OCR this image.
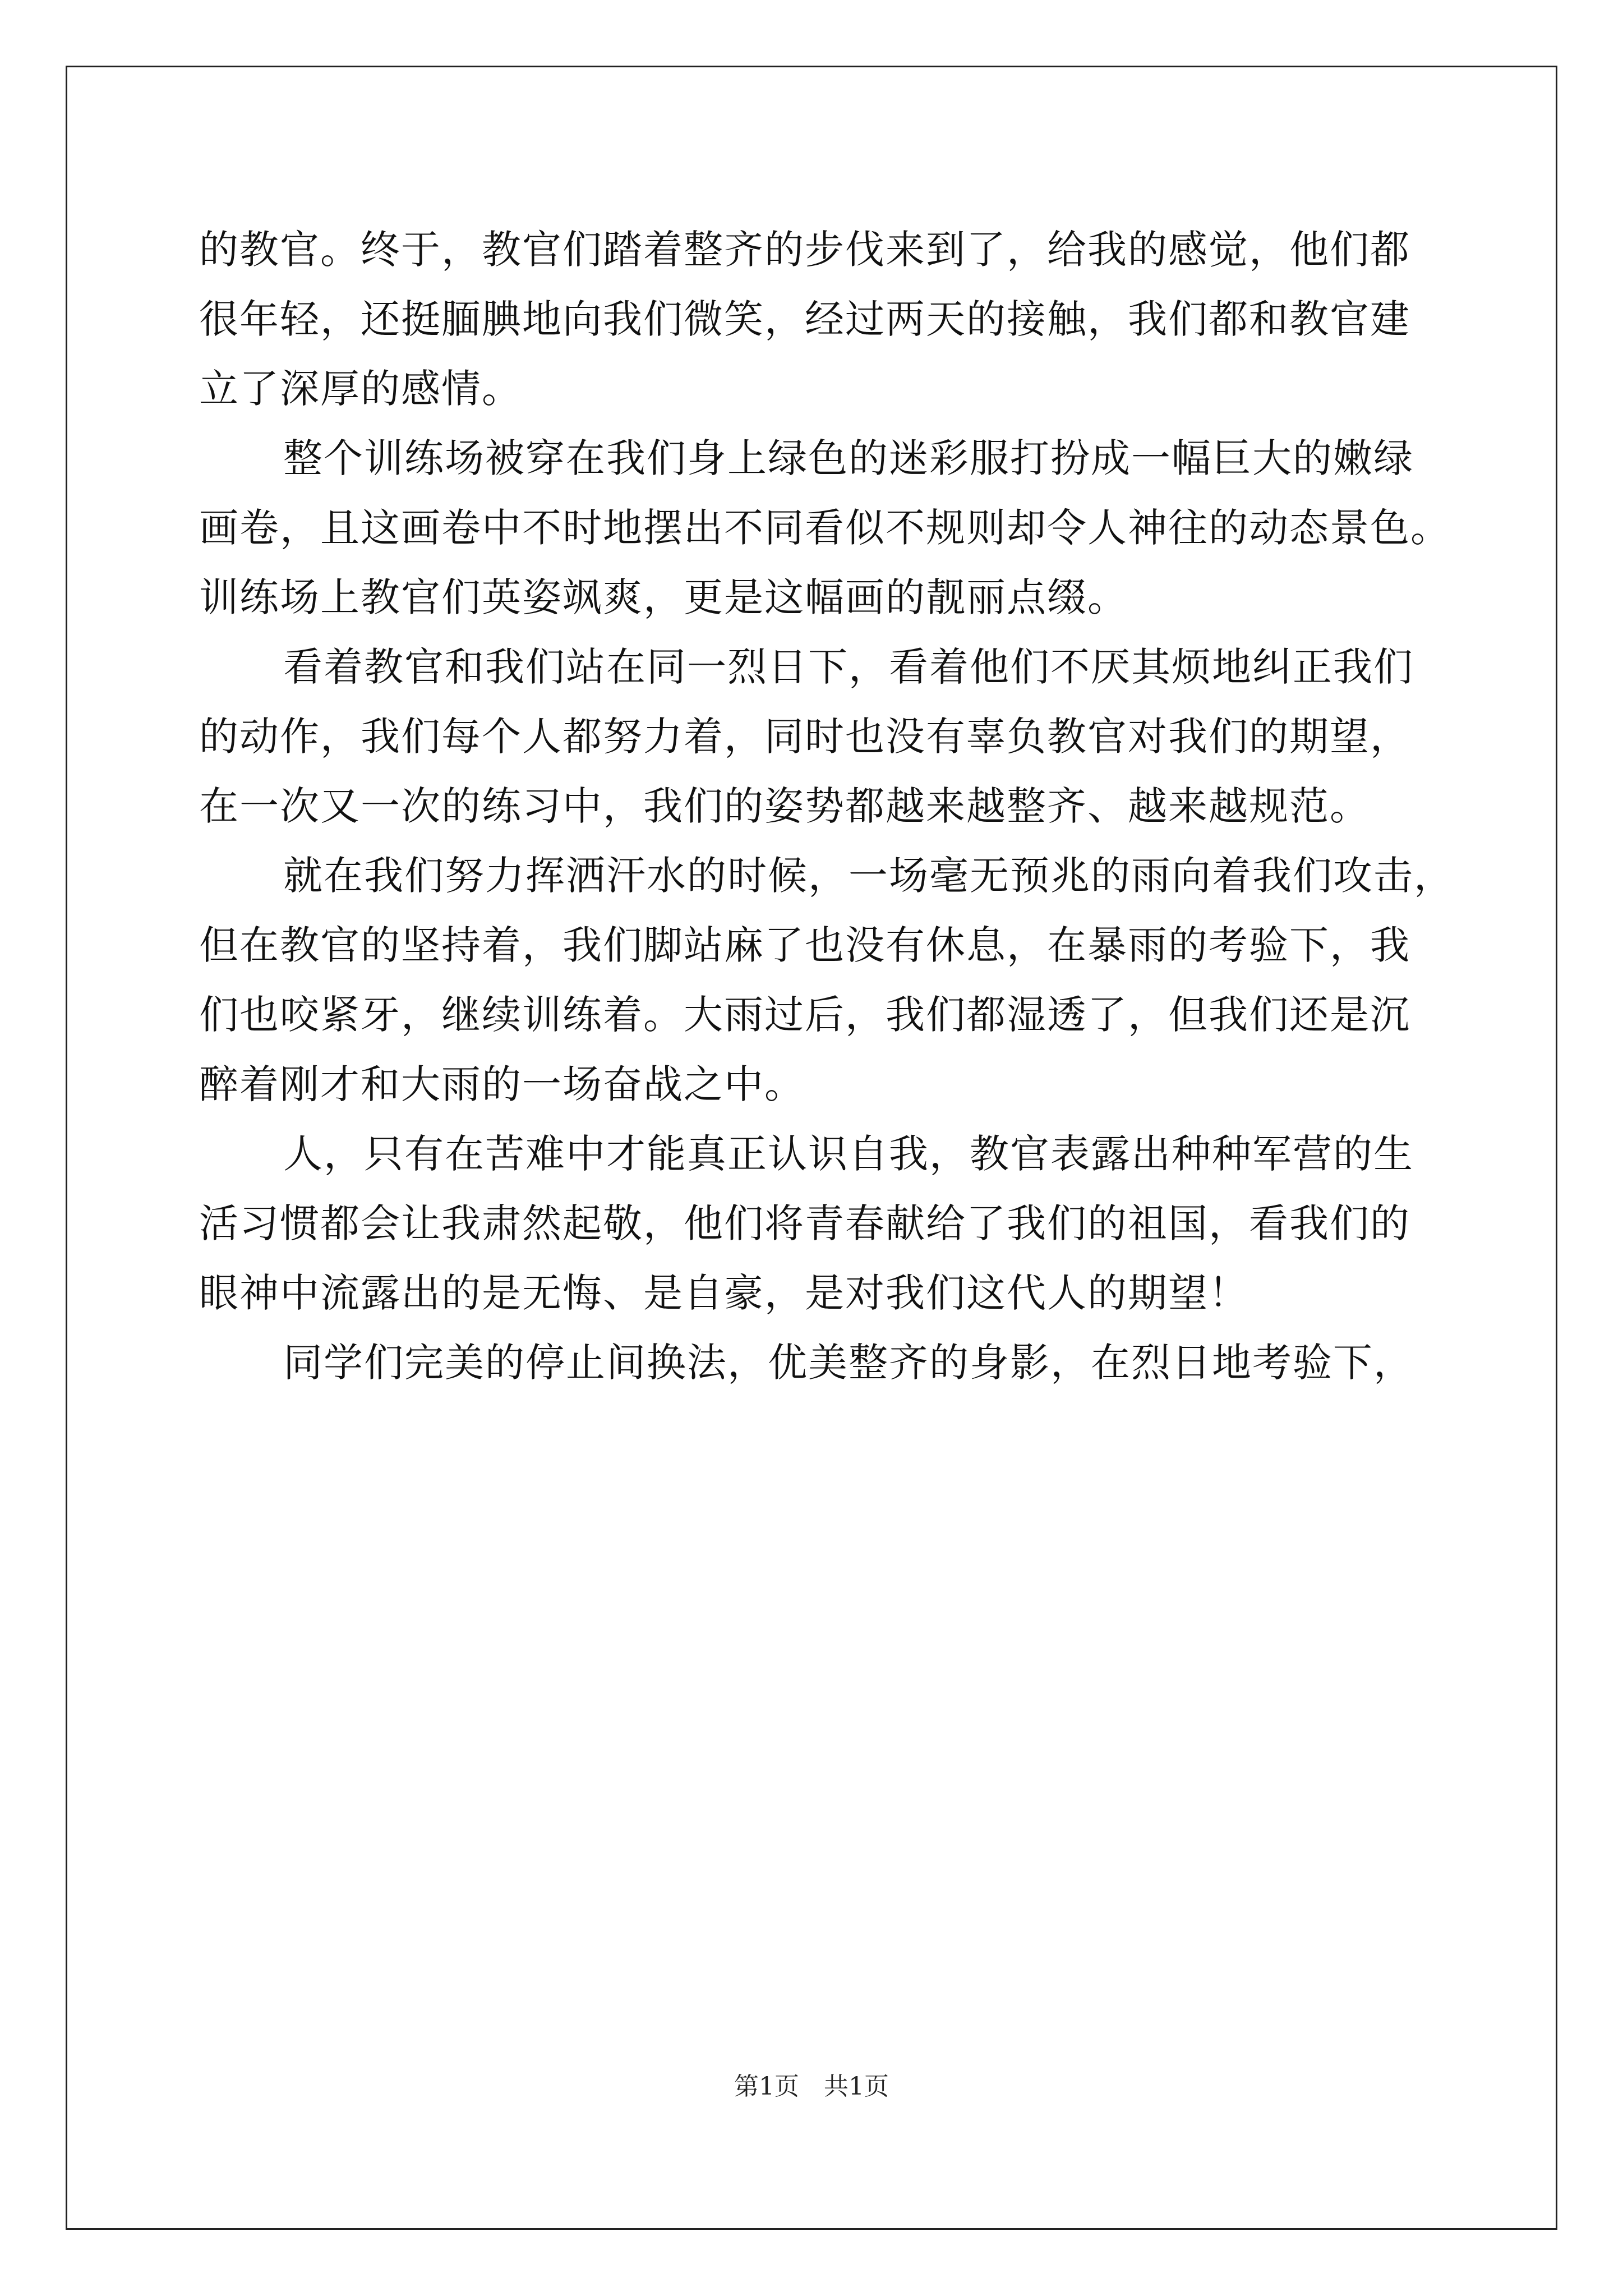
的教官。终于，教官们踏着整齐的步伐来到了，给我的感觉，他们都
很年轻，还挺腼腆地向我们微笑，经过两天的接触，我们都和教官建
立了深厚的感情。
整个训练场被穿在我们身上绿色的迷彩服打扮成一幅巨大的嫩绿
画卷，且这画卷中不时地摆出不同看似不规则却令人神往的动态景色。
训练场上教官们英姿飒爽，更是这幅画的靓丽点缀。
看着教官和我们站在同一烈日下，看着他们不厌其烦地纠正我们
的动作，我们每个人都努力着，同时也没有辜负教官对我们的期望，
在一次又一次的练习中，我们的姿势都越来越整齐、越来越规范。
就在我们努力挥洒汗水的时候，一场毫无预兆的雨向着我们攻击，
但在教官的坚持着，我们脚站麻了也没有休息，在暴雨的考验下，我
们也咬紧牙，继续训练着。大雨过后，我们都湿透了，但我们还是沉
醉着刚才和大雨的一场奋战之中。
人，只有在苦难中才能真正认识自我，教官表露出种种军营的生
活习惯都会让我肃然起敬，他们将青春献给了我们的祖国，看我们的
眼神中流露出的是无悔、是自豪，是对我们这代人的期望！
同学们完美的停止间换法，优美整齐的身影，在烈日地考验下，
第1页　共1页
